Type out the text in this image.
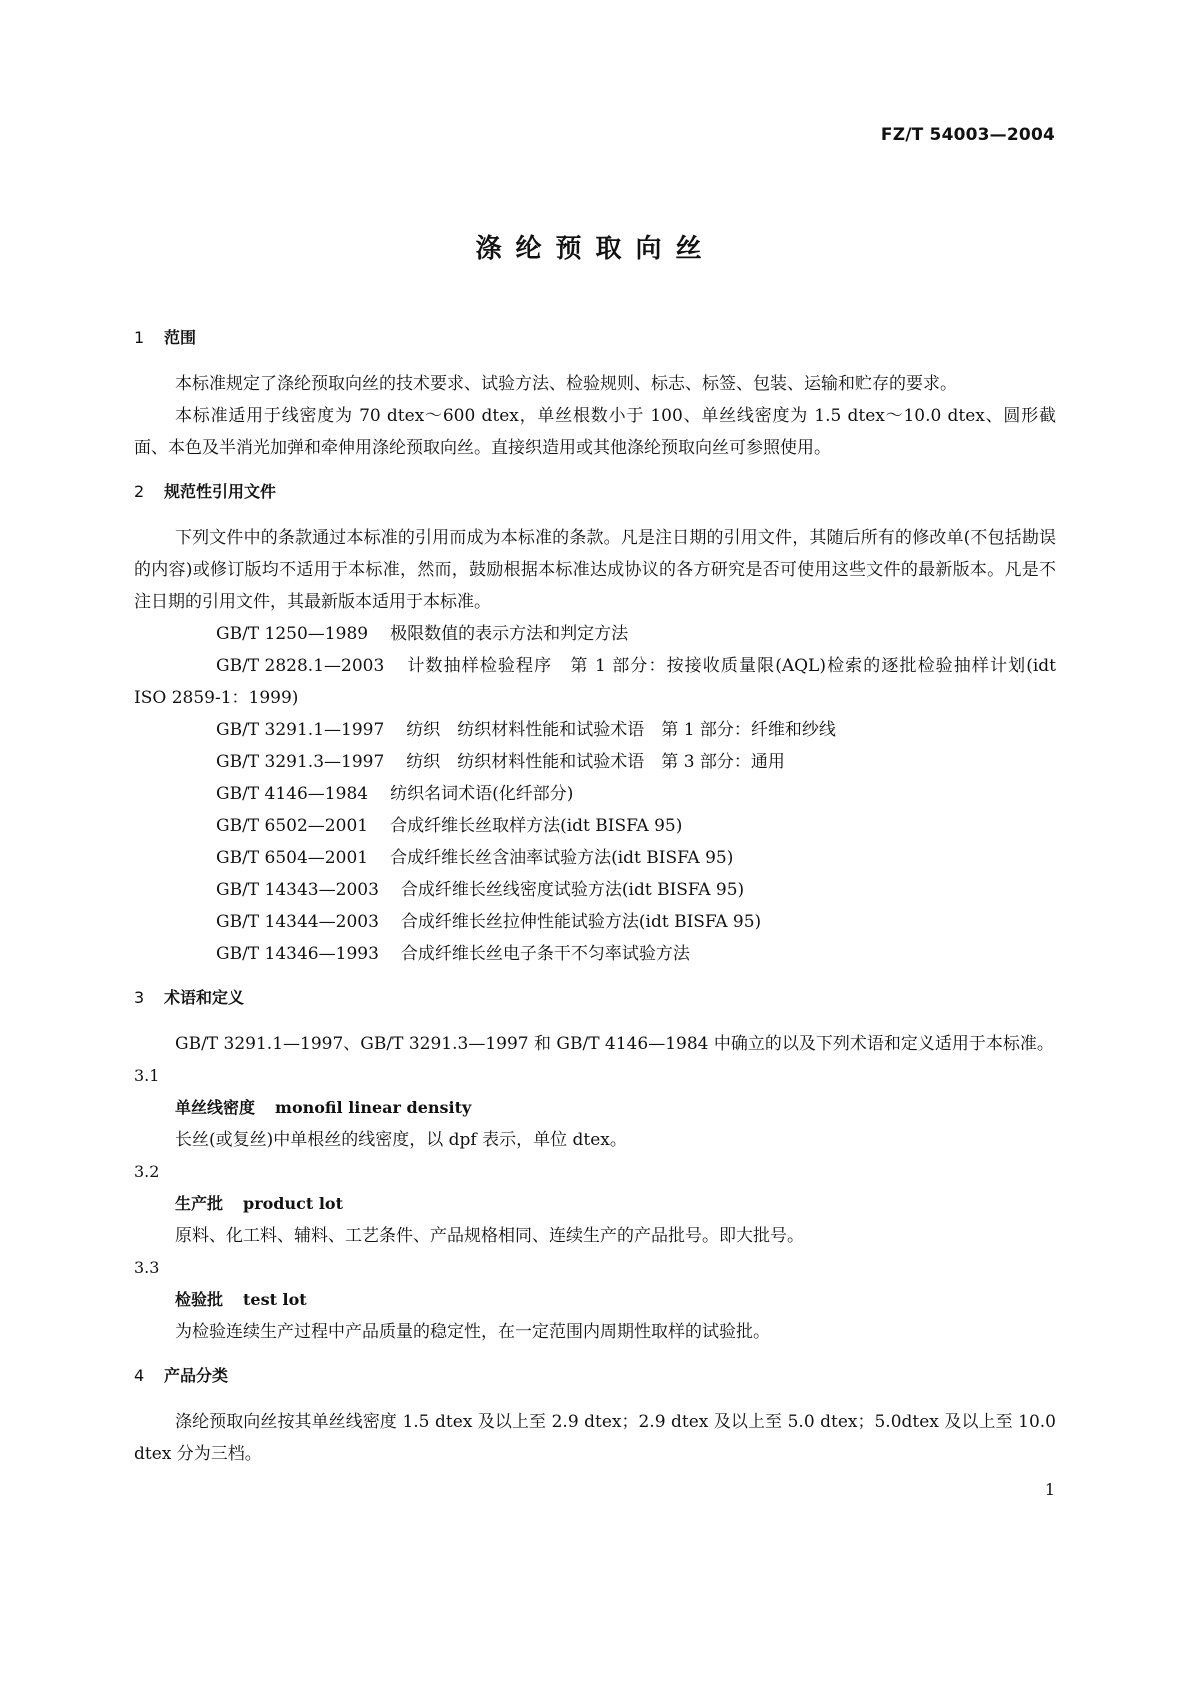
FZ/T 54003—2004
涤纶预取向丝
1 范围

本标准规定了涤纶预取向丝的技术要求、试验方法、检验规则、标志、标签、包装、运输和贮存的要求。

本标准适用于线密度为 70 dtex～600 dtex，单丝根数小于 100、单丝线密度为 1.5 dtex～10.0 dtex、圆形截面、本色及半消光加弹和牵伸用涤纶预取向丝。直接织造用或其他涤纶预取向丝可参照使用。

2 规范性引用文件

下列文件中的条款通过本标准的引用而成为本标准的条款。凡是注日期的引用文件，其随后所有的修改单(不包括勘误的内容)或修订版均不适用于本标准，然而，鼓励根据本标准达成协议的各方研究是否可使用这些文件的最新版本。凡是不注日期的引用文件，其最新版本适用于本标准。

GB/T 1250—1989 极限数值的表示方法和判定方法
GB/T 2828.1—2003 计数抽样检验程序　第 1 部分：按接收质量限(AQL)检索的逐批检验抽样计划(idt ISO 2859-1：1999)
GB/T 3291.1—1997 纺织　纺织材料性能和试验术语　第 1 部分：纤维和纱线
GB/T 3291.3—1997 纺织　纺织材料性能和试验术语　第 3 部分：通用
GB/T 4146—1984 纺织名词术语(化纤部分)
GB/T 6502—2001 合成纤维长丝取样方法(idt BISFA 95)
GB/T 6504—2001 合成纤维长丝含油率试验方法(idt BISFA 95)
GB/T 14343—2003 合成纤维长丝线密度试验方法(idt BISFA 95)
GB/T 14344—2003 合成纤维长丝拉伸性能试验方法(idt BISFA 95)
GB/T 14346—1993 合成纤维长丝电子条干不匀率试验方法
3 术语和定义

GB/T 3291.1—1997、GB/T 3291.3—1997 和 GB/T 4146—1984 中确立的以及下列术语和定义适用于本标准。

3.1
单丝线密度 monofil linear density

长丝(或复丝)中单根丝的线密度，以 dpf 表示，单位 dtex。

3.2
生产批 product lot

原料、化工料、辅料、工艺条件、产品规格相同、连续生产的产品批号。即大批号。

3.3
检验批 test lot

为检验连续生产过程中产品质量的稳定性，在一定范围内周期性取样的试验批。

4 产品分类

涤纶预取向丝按其单丝线密度 1.5 dtex 及以上至 2.9 dtex；2.9 dtex 及以上至 5.0 dtex；5.0dtex 及以上至 10.0 dtex 分为三档。

1
